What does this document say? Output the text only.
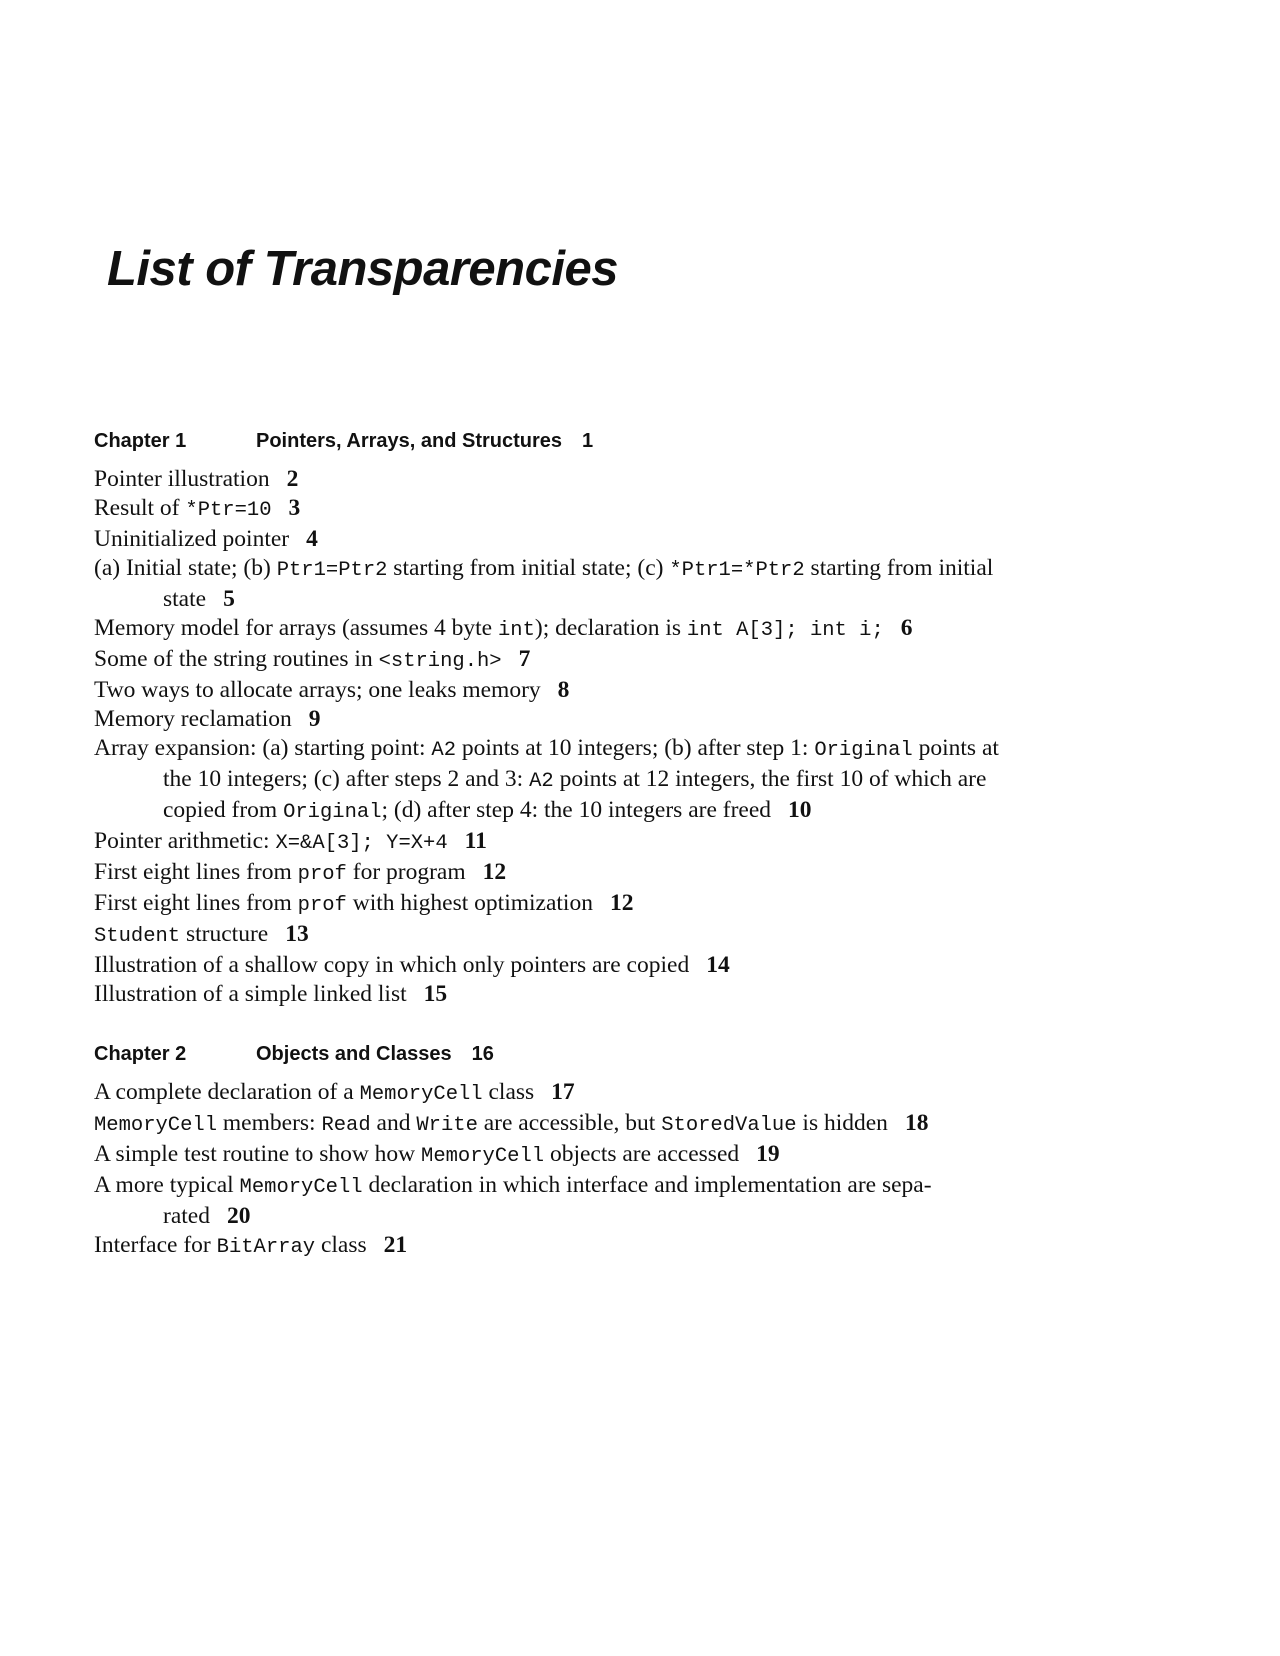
List of Transparencies
Chapter 1	Pointers, Arrays, and Structures 1
Pointer illustration 2
Result of *Ptr=10 3
Uninitialized pointer 4
(a) Initial state; (b) Ptr1=Ptr2 starting from initial state; (c) *Ptr1=*Ptr2 starting from initial state 5
Memory model for arrays (assumes 4 byte int); declaration is int A[3]; int i; 6
Some of the string routines in <string.h> 7
Two ways to allocate arrays; one leaks memory 8
Memory reclamation 9
Array expansion: (a) starting point: A2 points at 10 integers; (b) after step 1: Original points at the 10 integers; (c) after steps 2 and 3: A2 points at 12 integers, the first 10 of which are copied from Original; (d) after step 4: the 10 integers are freed 10
Pointer arithmetic: X=&A[3]; Y=X+4 11
First eight lines from prof for program 12
First eight lines from prof with highest optimization 12
Student structure 13
Illustration of a shallow copy in which only pointers are copied 14
Illustration of a simple linked list 15
Chapter 2	Objects and Classes 16
A complete declaration of a MemoryCell class 17
MemoryCell members: Read and Write are accessible, but StoredValue is hidden 18
A simple test routine to show how MemoryCell objects are accessed 19
A more typical MemoryCell declaration in which interface and implementation are sepa-rated 20
Interface for BitArray class 21
